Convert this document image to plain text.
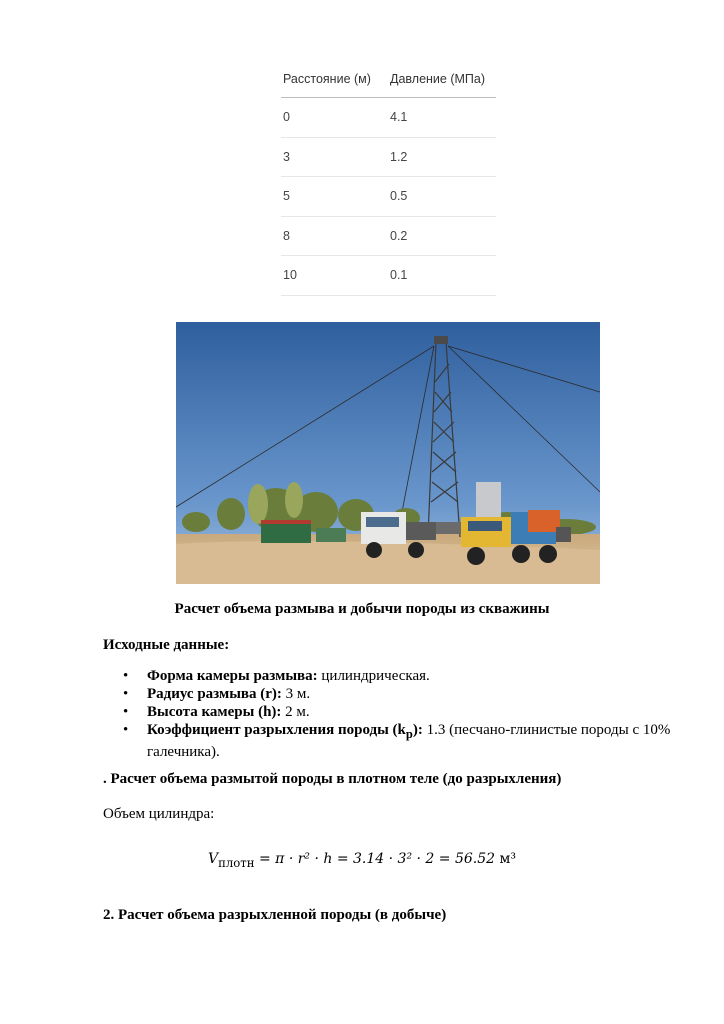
Расстояние (м)	Давление (МПа)
0	4.1
3	1.2
5	0.5
8	0.2
10	0.1
Расчет объема размыва и добычи породы из скважины
Исходные данные:
• Форма камеры размыва: цилиндрическая.
• Радиус размыва (r): 3 м.
• Высота камеры (h): 2 м.
• Коэффициент разрыхления породы $(k_р)$: 1.3 (песчано-глинистые породы с 10% галечника).
. Расчет объема размытой породы в плотном теле (до разрыхления)
Объем цилиндра:
$V_{плотн} = \pi \cdot r^2 \cdot h = 3.14 \cdot 3^2 \cdot 2 = 56.52$ м³
2. Расчет объема разрыхленной породы (в добыче)
